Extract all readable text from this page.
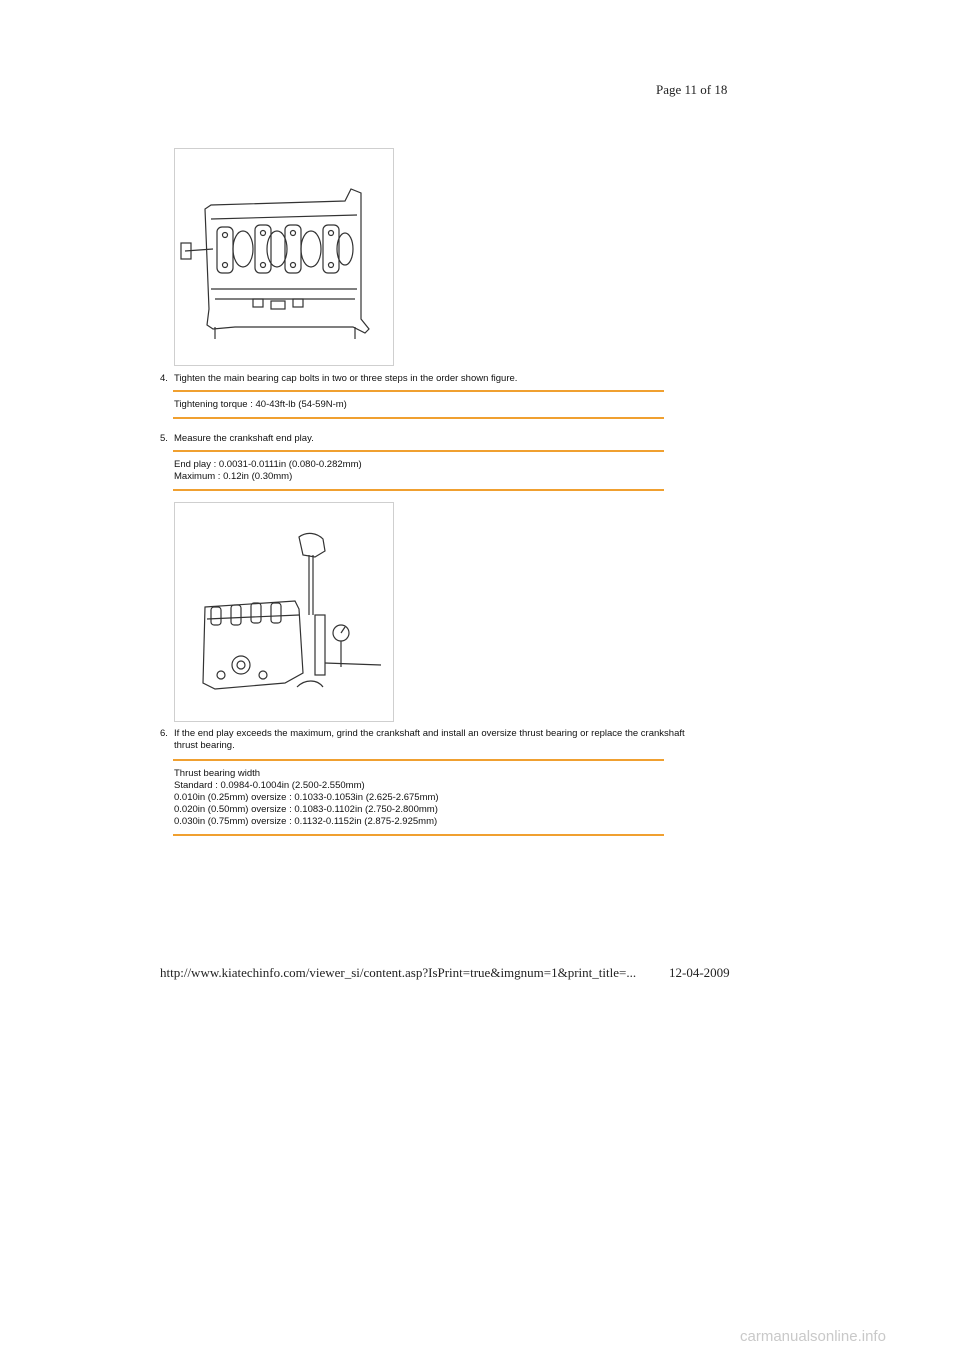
Page 11 of 18
4. Tighten the main bearing cap bolts in two or three steps in the order shown figure.
Tightening torque : 40-43ft-lb (54-59N-m)
5. Measure the crankshaft end play.
End play : 0.0031-0.0111in (0.080-0.282mm)
Maximum : 0.12in (0.30mm)
6. If the end play exceeds the maximum, grind the crankshaft and install an oversize thrust bearing or replace the crankshaft thrust bearing.
Thrust bearing width
Standard : 0.0984-0.1004in (2.500-2.550mm)
0.010in (0.25mm) oversize : 0.1033-0.1053in (2.625-2.675mm)
0.020in (0.50mm) oversize : 0.1083-0.1102in (2.750-2.800mm)
0.030in (0.75mm) oversize : 0.1132-0.1152in (2.875-2.925mm)
http://www.kiatechinfo.com/viewer_si/content.asp?IsPrint=true&imgnum=1&print_title=...	12-04-2009
carmanualsonline.info
